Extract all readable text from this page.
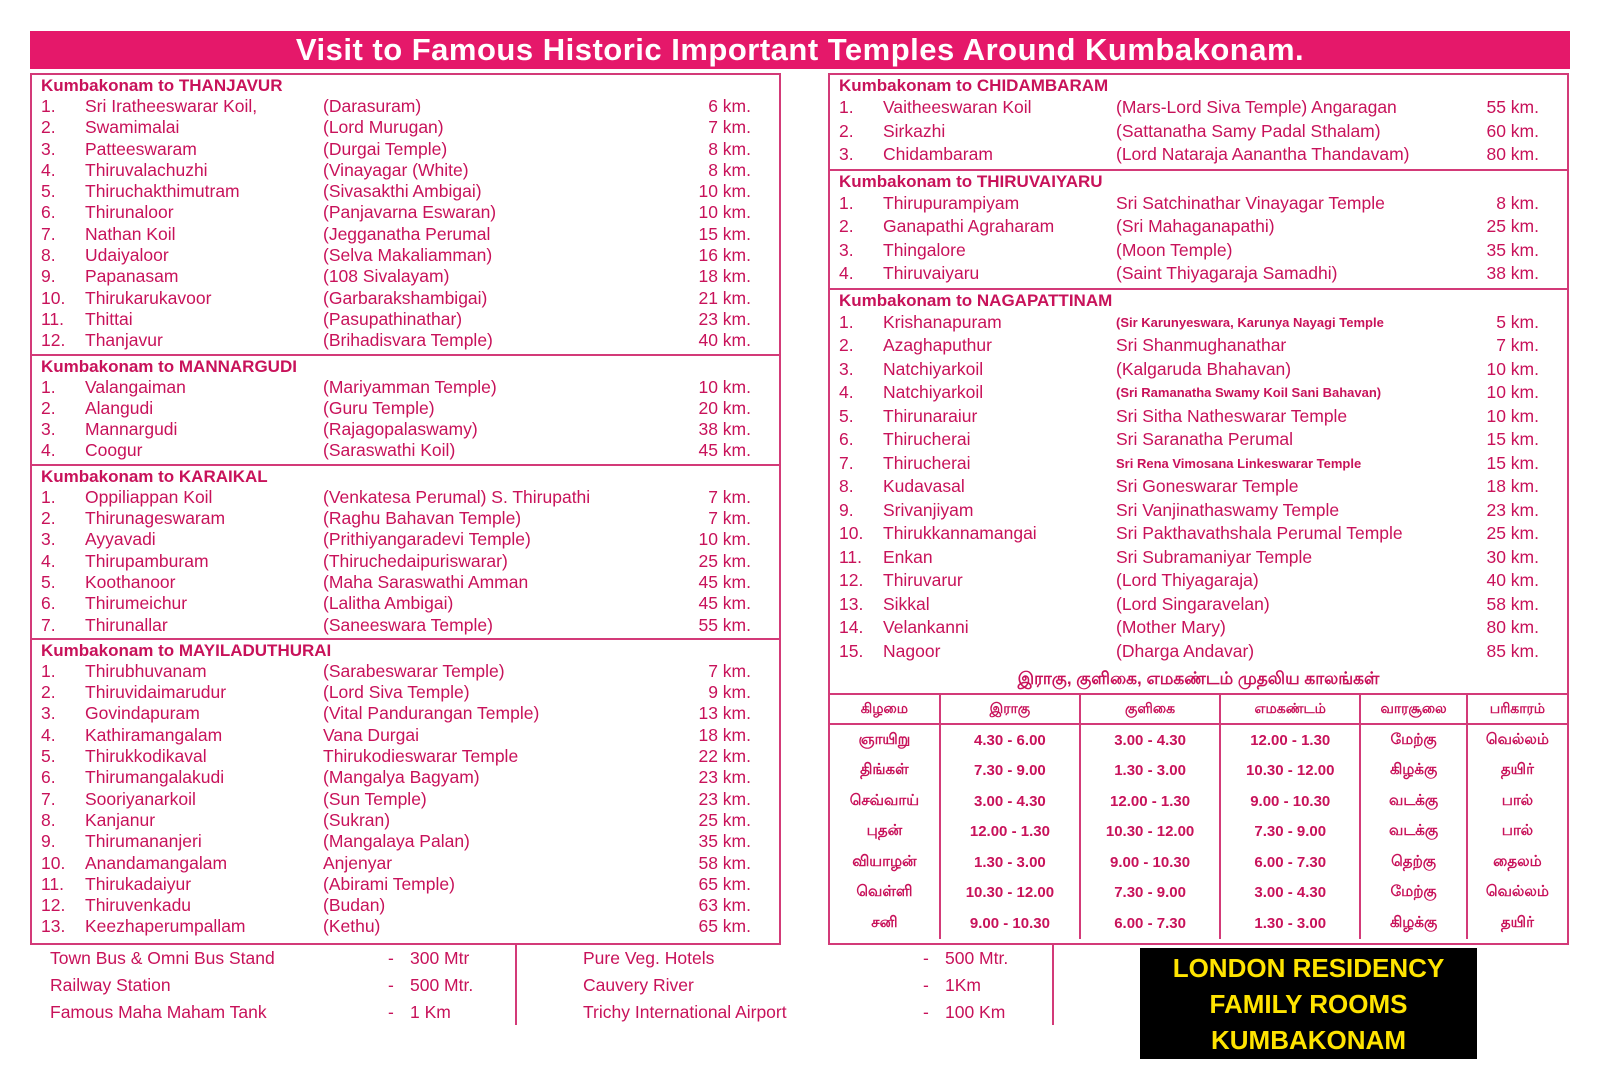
Visit to Famous Historic Important Temples Around Kumbakonam.
Kumbakonam to THANJAVUR
1.	Sri Iratheeswarar Koil,	(Darasuram)	6 km.
2.	Swamimalai	(Lord Murugan)	7 km.
3.	Patteeswaram	(Durgai Temple)	8 km.
4.	Thiruvalachuzhi	(Vinayagar (White)	8 km.
5.	Thiruchakthimutram	(Sivasakthi Ambigai)	10 km.
6.	Thirunaloor	(Panjavarna Eswaran)	10 km.
7.	Nathan Koil	(Jegganatha Perumal	15 km.
8.	Udaiyaloor	(Selva Makaliamman)	16 km.
9.	Papanasam	(108 Sivalayam)	18 km.
10.	Thirukarukavoor	(Garbarakshambigai)	21 km.
11.	Thittai	(Pasupathinathar)	23 km.
12.	Thanjavur	(Brihadisvara Temple)	40 km.
Kumbakonam to MANNARGUDI
1.	Valangaiman	(Mariyamman Temple)	10 km.
2.	Alangudi	(Guru Temple)	20 km.
3.	Mannargudi	(Rajagopalaswamy)	38 km.
4.	Coogur	(Saraswathi Koil)	45 km.
Kumbakonam to KARAIKAL
1.	Oppiliappan Koil	(Venkatesa Perumal) S. Thirupathi	7 km.
2.	Thirunageswaram	(Raghu Bahavan Temple)	7 km.
3.	Ayyavadi	(Prithiyangaradevi Temple)	10 km.
4.	Thirupamburam	(Thiruchedaipuriswarar)	25 km.
5.	Koothanoor	(Maha Saraswathi Amman	45 km.
6.	Thirumeichur	(Lalitha Ambigai)	45 km.
7.	Thirunallar	(Saneeswara Temple)	55 km.
Kumbakonam to MAYILADUTHURAI
1.	Thirubhuvanam	(Sarabeswarar Temple)	7 km.
2.	Thiruvidaimarudur	(Lord Siva Temple)	9 km.
3.	Govindapuram	(Vital Pandurangan Temple)	13 km.
4.	Kathiramangalam	Vana Durgai	18 km.
5.	Thirukkodikaval	Thirukodieswarar Temple	22 km.
6.	Thirumangalakudi	(Mangalya Bagyam)	23 km.
7.	Sooriyanarkoil	(Sun Temple)	23 km.
8.	Kanjanur	(Sukran)	25 km.
9.	Thirumananjeri	(Mangalaya Palan)	35 km.
10.	Anandamangalam	Anjenyar	58 km.
11.	Thirukadaiyur	(Abirami Temple)	65 km.
12.	Thiruvenkadu	(Budan)	63 km.
13.	Keezhaperumpallam	(Kethu)	65 km.
Kumbakonam to CHIDAMBARAM
1.	Vaitheeswaran Koil	(Mars-Lord Siva Temple) Angaragan	55 km.
2.	Sirkazhi	(Sattanatha Samy Padal Sthalam)	60 km.
3.	Chidambaram	(Lord Nataraja Aanantha Thandavam)	80 km.
Kumbakonam to THIRUVAIYARU
1.	Thirupurampiyam	Sri Satchinathar Vinayagar Temple	8 km.
2.	Ganapathi Agraharam	(Sri Mahaganapathi)	25 km.
3.	Thingalore	(Moon Temple)	35 km.
4.	Thiruvaiyaru	(Saint Thiyagaraja Samadhi)	38 km.
Kumbakonam to NAGAPATTINAM
1.	Krishanapuram	(Sir Karunyeswara, Karunya Nayagi Temple	5 km.
2.	Azaghaputhur	Sri Shanmughanathar	7 km.
3.	Natchiyarkoil	(Kalgaruda Bhahavan)	10 km.
4.	Natchiyarkoil	(Sri Ramanatha Swamy Koil Sani Bahavan)	10 km.
5.	Thirunaraiur	Sri Sitha Natheswarar Temple	10 km.
6.	Thirucherai	Sri Saranatha Perumal	15 km.
7.	Thirucherai	Sri Rena Vimosana Linkeswarar Temple	15 km.
8.	Kudavasal	Sri Goneswarar Temple	18 km.
9.	Srivanjiyam	Sri Vanjinathaswamy Temple	23 km.
10.	Thirukkannamangai	Sri Pakthavathshala Perumal Temple	25 km.
11.	Enkan	Sri Subramaniyar Temple	30 km.
12.	Thiruvarur	(Lord Thiyagaraja)	40 km.
13.	Sikkal	(Lord Singaravelan)	58 km.
14.	Velankanni	(Mother Mary)	80 km.
15.	Nagoor	(Dharga Andavar)	85 km.
இராகு, குளிகை, எமகண்டம் முதலிய காலங்கள்
கிழமை	இராகு	குளிகை	எமகண்டம்	வாரசூலை	பரிகாரம்
ஞாயிறு	4.30 - 6.00	3.00 - 4.30	12.00 - 1.30	மேற்கு	வெல்லம்
திங்கள்	7.30 - 9.00	1.30 - 3.00	10.30 - 12.00	கிழக்கு	தயிர்
செவ்வாய்	3.00 - 4.30	12.00 - 1.30	9.00 - 10.30	வடக்கு	பால்
புதன்	12.00 - 1.30	10.30 - 12.00	7.30 - 9.00	வடக்கு	பால்
வியாழன்	1.30 - 3.00	9.00 - 10.30	6.00 - 7.30	தெற்கு	தைலம்
வெள்ளி	10.30 - 12.00	7.30 - 9.00	3.00 - 4.30	மேற்கு	வெல்லம்
சனி	9.00 - 10.30	6.00 - 7.30	1.30 - 3.00	கிழக்கு	தயிர்
Town Bus & Omni Bus Stand	- 300 Mtr
Railway Station	- 500 Mtr.
Famous Maha Maham Tank	- 1 Km
Pure Veg. Hotels	- 500 Mtr.
Cauvery River	- 1Km
Trichy International Airport	- 100 Km
LONDON RESIDENCY
FAMILY ROOMS
KUMBAKONAM
